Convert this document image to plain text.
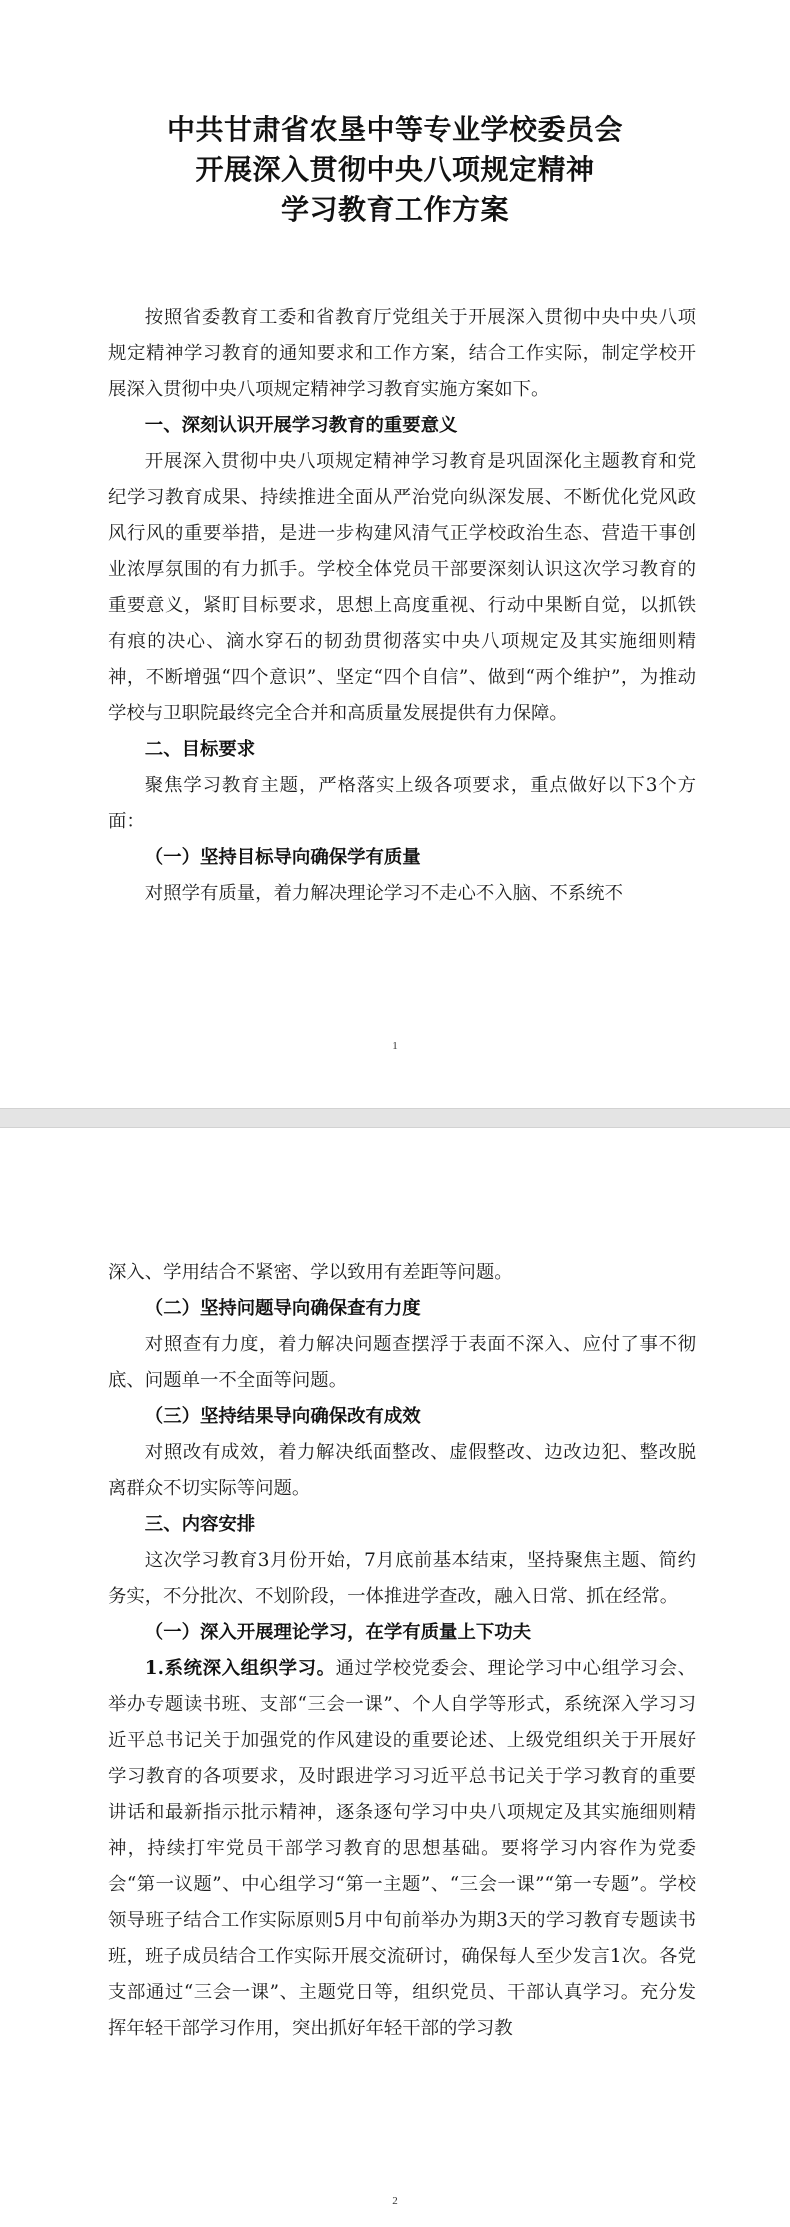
中共甘肃省农垦中等专业学校委员会
开展深入贯彻中央八项规定精神
学习教育工作方案

按照省委教育工委和省教育厅党组关于开展深入贯彻中央中央八项规定精神学习教育的通知要求和工作方案，结合工作实际，制定学校开展深入贯彻中央八项规定精神学习教育实施方案如下。

一、深刻认识开展学习教育的重要意义

开展深入贯彻中央八项规定精神学习教育是巩固深化主题教育和党纪学习教育成果、持续推进全面从严治党向纵深发展、不断优化党风政风行风的重要举措，是进一步构建风清气正学校政治生态、营造干事创业浓厚氛围的有力抓手。学校全体党员干部要深刻认识这次学习教育的重要意义，紧盯目标要求，思想上高度重视、行动中果断自觉，以抓铁有痕的决心、滴水穿石的韧劲贯彻落实中央八项规定及其实施细则精神，不断增强“四个意识”、坚定“四个自信”、做到“两个维护”，为推动学校与卫职院最终完全合并和高质量发展提供有力保障。

二、目标要求

聚焦学习教育主题，严格落实上级各项要求，重点做好以下3个方面：

（一）坚持目标导向确保学有质量

对照学有质量，着力解决理论学习不走心不入脑、不系统不

1

深入、学用结合不紧密、学以致用有差距等问题。

（二）坚持问题导向确保查有力度

对照查有力度，着力解决问题查摆浮于表面不深入、应付了事不彻底、问题单一不全面等问题。

（三）坚持结果导向确保改有成效

对照改有成效，着力解决纸面整改、虚假整改、边改边犯、整改脱离群众不切实际等问题。

三、内容安排

这次学习教育3月份开始，7月底前基本结束，坚持聚焦主题、简约务实，不分批次、不划阶段，一体推进学查改，融入日常、抓在经常。

（一）深入开展理论学习，在学有质量上下功夫

1.系统深入组织学习。通过学校党委会、理论学习中心组学习会、举办专题读书班、支部“三会一课”、个人自学等形式，系统深入学习习近平总书记关于加强党的作风建设的重要论述、上级党组织关于开展好学习教育的各项要求，及时跟进学习习近平总书记关于学习教育的重要讲话和最新指示批示精神，逐条逐句学习中央八项规定及其实施细则精神，持续打牢党员干部学习教育的思想基础。要将学习内容作为党委会“第一议题”、中心组学习“第一主题”、“三会一课”“第一专题”。学校领导班子结合工作实际原则5月中旬前举办为期3天的学习教育专题读书班，班子成员结合工作实际开展交流研讨，确保每人至少发言1次。各党支部通过“三会一课”、主题党日等，组织党员、干部认真学习。充分发挥年轻干部学习作用，突出抓好年轻干部的学习教

2
